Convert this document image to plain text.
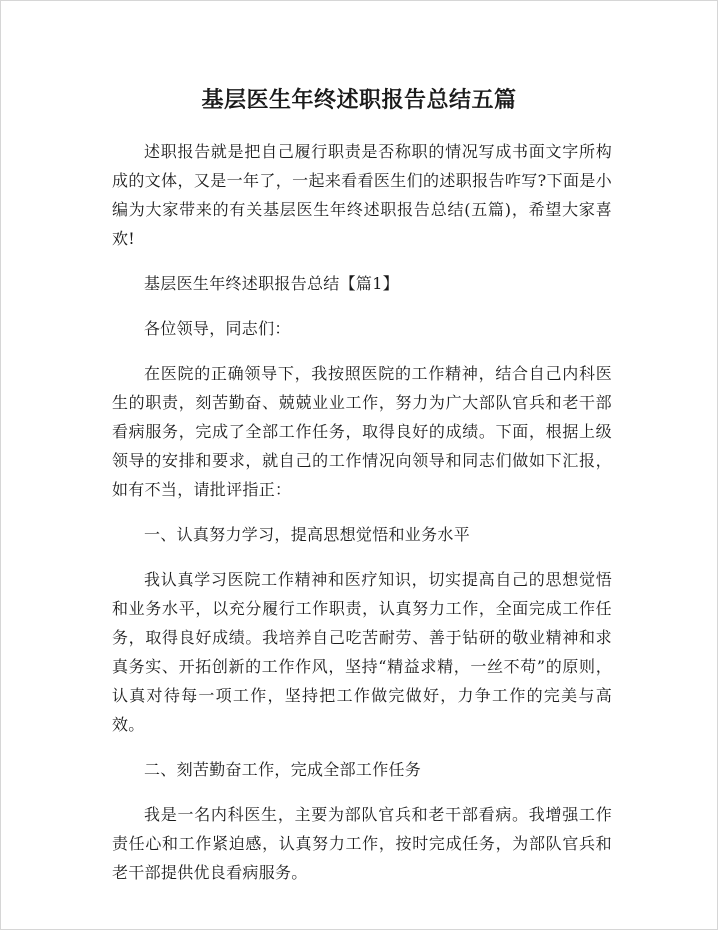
基层医生年终述职报告总结五篇

述职报告就是把自己履行职责是否称职的情况写成书面文字所构成的文体，又是一年了，一起来看看医生们的述职报告咋写?下面是小编为大家带来的有关基层医生年终述职报告总结(五篇)，希望大家喜欢!

基层医生年终述职报告总结【篇1】

各位领导，同志们：

在医院的正确领导下，我按照医院的工作精神，结合自己内科医生的职责，刻苦勤奋、兢兢业业工作，努力为广大部队官兵和老干部看病服务，完成了全部工作任务，取得良好的成绩。下面，根据上级领导的安排和要求，就自己的工作情况向领导和同志们做如下汇报，如有不当，请批评指正：

一、认真努力学习，提高思想觉悟和业务水平

我认真学习医院工作精神和医疗知识，切实提高自己的思想觉悟和业务水平，以充分履行工作职责，认真努力工作，全面完成工作任务，取得良好成绩。我培养自己吃苦耐劳、善于钻研的敬业精神和求真务实、开拓创新的工作作风，坚持“精益求精，一丝不苟”的原则，认真对待每一项工作，坚持把工作做完做好，力争工作的完美与高效。

二、刻苦勤奋工作，完成全部工作任务

我是一名内科医生，主要为部队官兵和老干部看病。我增强工作责任心和工作紧迫感，认真努力工作，按时完成任务，为部队官兵和老干部提供优良看病服务。
